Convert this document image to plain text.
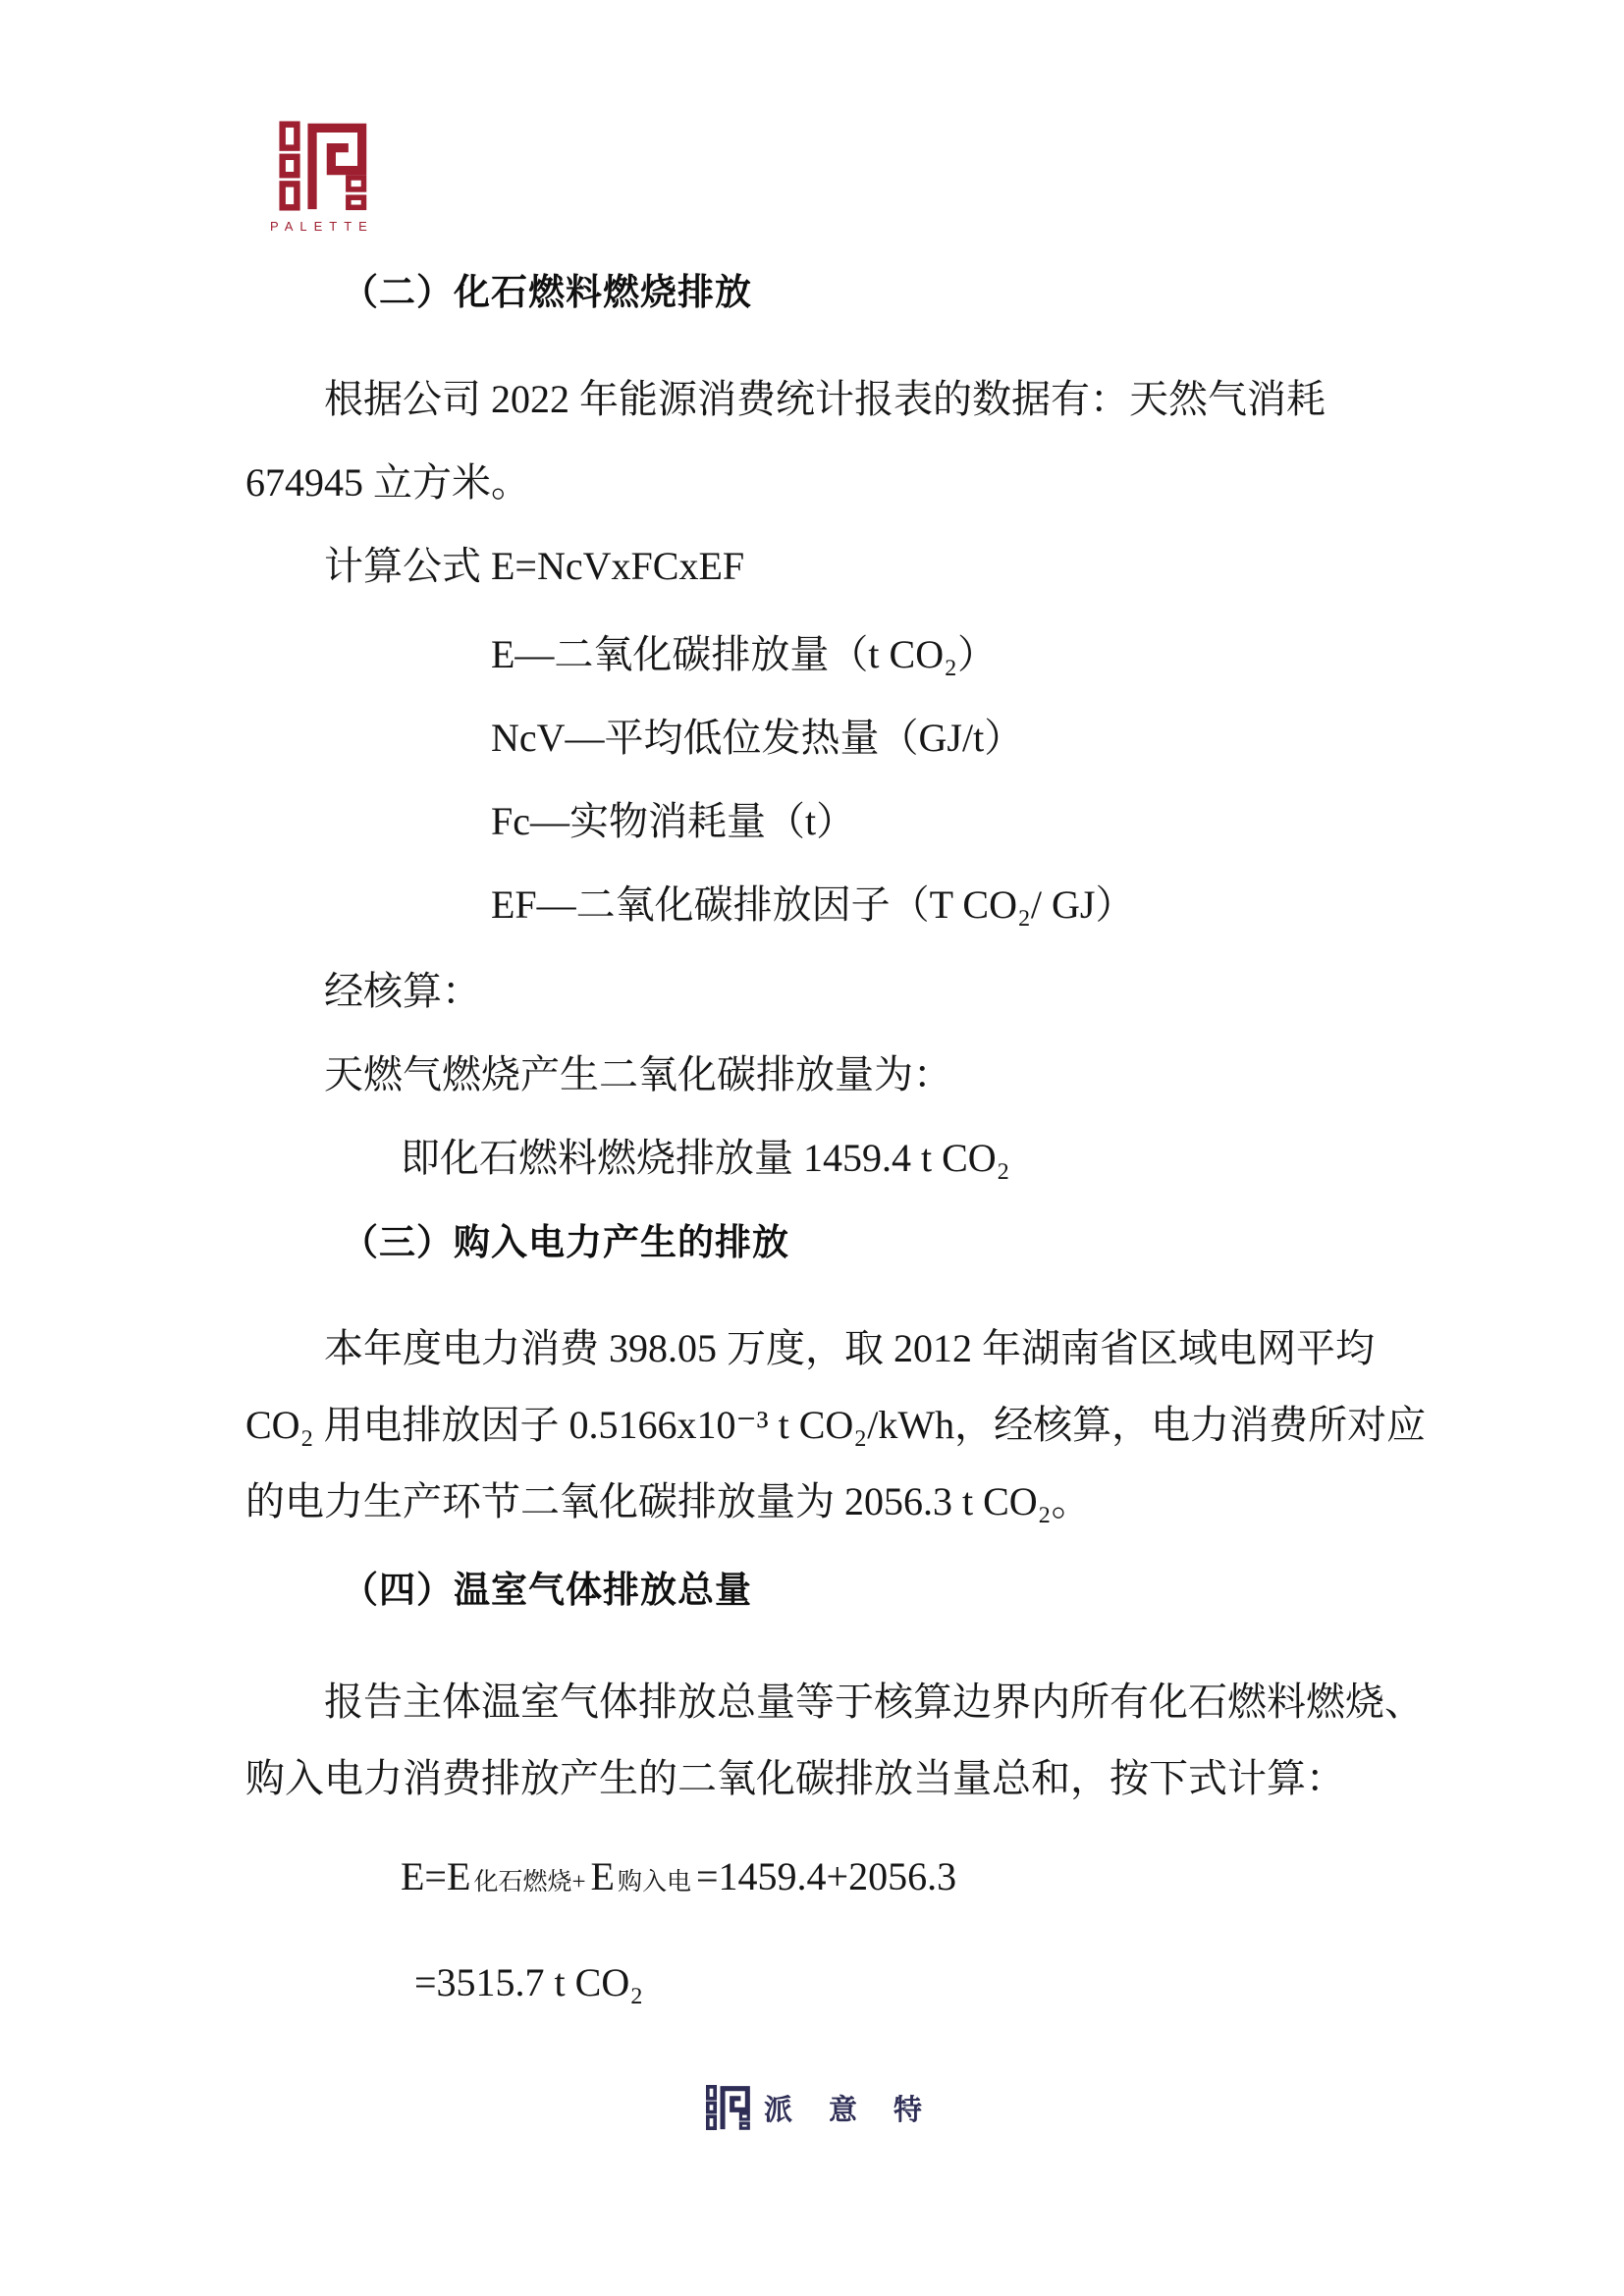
PALETTE
（二）化石燃料燃烧排放
根据公司 2022 年能源消费统计报表的数据有：天然气消耗
674945 立方米。
计算公式 E=NcVxFCxEF
E—二氧化碳排放量（t CO₂）
NcV—平均低位发热量（GJ/t）
Fc—实物消耗量（t）
EF—二氧化碳排放因子（T CO₂/ GJ）
经核算：
天燃气燃烧产生二氧化碳排放量为：
即化石燃料燃烧排放量 1459.4 t CO₂
（三）购入电力产生的排放
本年度电力消费 398.05 万度，取 2012 年湖南省区域电网平均
CO₂ 用电排放因子 0.5166x10⁻³ t CO₂/kWh，经核算，电力消费所对应
的电力生产环节二氧化碳排放量为 2056.3 t CO₂。
（四）温室气体排放总量
报告主体温室气体排放总量等于核算边界内所有化石燃料燃烧、
购入电力消费排放产生的二氧化碳排放当量总和，按下式计算：
E=E 化石燃烧+ E 购入电 =1459.4+2056.3
=3515.7 t CO₂
派意特
